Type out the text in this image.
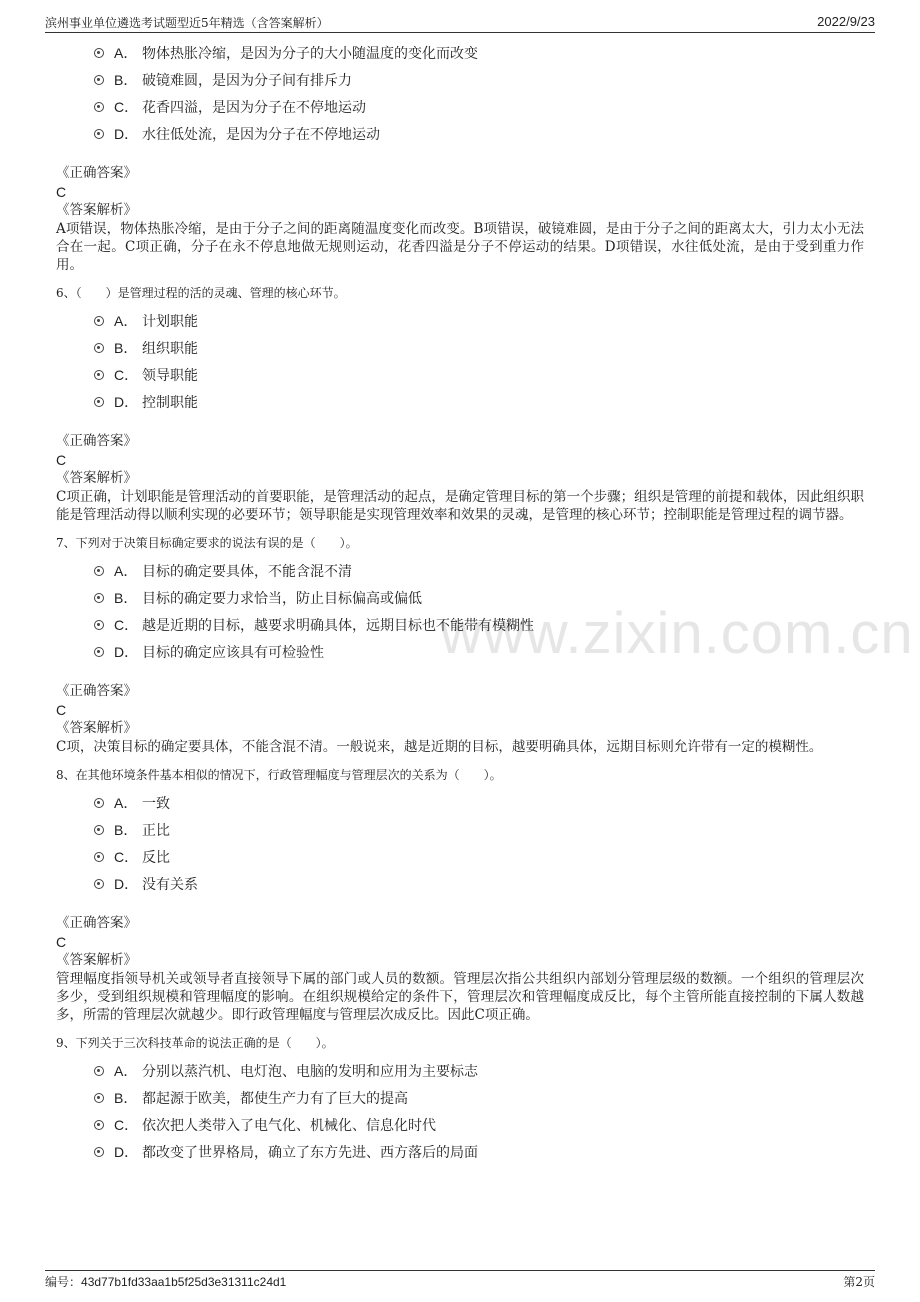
滨州事业单位遴选考试题型近5年精选（含答案解析）	2022/9/23
www.zixin.com.cn
A． 物体热胀冷缩，是因为分子的大小随温度的变化而改变
B． 破镜难圆，是因为分子间有排斥力
C． 花香四溢，是因为分子在不停地运动
D． 水往低处流，是因为分子在不停地运动
《正确答案》
C
《答案解析》
A项错误，物体热胀冷缩，是由于分子之间的距离随温度变化而改变。B项错误，破镜难圆，是由于分子之间的距离太大，引力太小无法合在一起。C项正确，分子在永不停息地做无规则运动，花香四溢是分子不停运动的结果。D项错误，水往低处流，是由于受到重力作用。
6、（　　）是管理过程的活的灵魂、管理的核心环节。
A． 计划职能
B． 组织职能
C． 领导职能
D． 控制职能
《正确答案》
C
《答案解析》
C项正确，计划职能是管理活动的首要职能，是管理活动的起点，是确定管理目标的第一个步骤；组织是管理的前提和载体，因此组织职能是管理活动得以顺利实现的必要环节；领导职能是实现管理效率和效果的灵魂，是管理的核心环节；控制职能是管理过程的调节器。
7、下列对于决策目标确定要求的说法有误的是（　　）。
A． 目标的确定要具体，不能含混不清
B． 目标的确定要力求恰当，防止目标偏高或偏低
C． 越是近期的目标，越要求明确具体，远期目标也不能带有模糊性
D． 目标的确定应该具有可检验性
《正确答案》
C
《答案解析》
C项，决策目标的确定要具体，不能含混不清。一般说来，越是近期的目标，越要明确具体，远期目标则允许带有一定的模糊性。
8、在其他环境条件基本相似的情况下，行政管理幅度与管理层次的关系为（　　）。
A． 一致
B． 正比
C． 反比
D． 没有关系
《正确答案》
C
《答案解析》
管理幅度指领导机关或领导者直接领导下属的部门或人员的数额。管理层次指公共组织内部划分管理层级的数额。一个组织的管理层次多少，受到组织规模和管理幅度的影响。在组织规模给定的条件下，管理层次和管理幅度成反比，每个主管所能直接控制的下属人数越多，所需的管理层次就越少。即行政管理幅度与管理层次成反比。因此C项正确。
9、下列关于三次科技革命的说法正确的是（　　）。
A． 分别以蒸汽机、电灯泡、电脑的发明和应用为主要标志
B． 都起源于欧美，都使生产力有了巨大的提高
C． 依次把人类带入了电气化、机械化、信息化时代
D． 都改变了世界格局，确立了东方先进、西方落后的局面
编号：43d77b1fd33aa1b5f25d3e31311c24d1	第2页
